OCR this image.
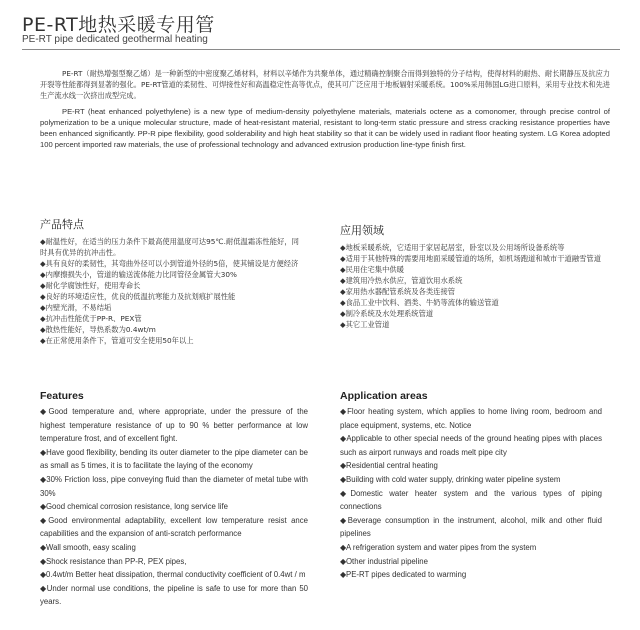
PE-RT地热采暖专用管
PE-RT pipe dedicated geothermal heating

PE-RT（耐热增强型聚乙烯）是一种新型的中密度聚乙烯材料，材料以辛烯作为共聚单体，通过精确控制聚合而得到独特的分子结构，使得材料的耐热、耐长期静压及抗应力开裂等性能都得到显著的强化。PE-RT管道的柔韧性、可焊接性好和高温稳定性高等优点，使其可广泛应用于地板辐射采暖系统。100%采用韩国LG进口原料，采用专业技术和先进生产流水线一次挤出成型完成。

PE-RT (heat enhanced polyethylene) is a new type of medium-density polyethylene materials, materials octene as a comonomer, through precise control of polymerization to be a unique molecular structure, made of heat-resistant material, resistant to long-term static pressure and stress cracking resistance properties have been enhanced significantly. PP-R pipe flexibility, good solderability and high heat stability so that it can be widely used in radiant floor heating system. LG Korea adopted 100 percent imported raw materials, the use of professional technology and advanced extrusion production line-type finish first.

产品特点
◆耐温性好，在适当的压力条件下最高使用温度可达95℃.耐低温霜冻性能好，同时具有优异的抗冲击性。
◆具有良好的柔韧性，其弯曲外径可以小到管道外径的5倍，使其铺设是方便经济
◆内摩擦损失小，管道的输送流体能力比同管径金属管大30%
◆耐化学腐蚀性好，使用寿命长
◆良好的环境适应性，优良的低温抗寒能力及抗划痕扩展性能
◆内壁光滑，不易结垢
◆抗冲击性能优于PP-R、PEX管
◆散热性能好，导热系数为0.4wt/m
◆在正常使用条件下，管道可安全使用50年以上
应用领域
◆地板采暖系统，它适用于家居起居室，卧室以及公用场所设备系统等
◆适用于其他特殊的需要用地面采暖管道的场所，如机场跑道和城市干道融雪管道
◆民用住宅集中供暖
◆建筑用冷热水供应，管道饮用水系统
◆家用热水器配管系统及各类连接管
◆食品工业中饮料、酒类、牛奶等流体的输送管道
◆制冷系统及水处理系统管道
◆其它工业管道
Features
◆Good temperature and, where appropriate, under the pressure of the highest temperature resistance of up to 90 % better performance at low temperature frost, and of excellent fight.
◆Have good flexibility, bending its outer diameter to the pipe diameter can be as small as 5 times, it is to facilitate the laying of the economy
◆30% Friction loss, pipe conveying fluid than the diameter of metal tube with 30%
◆Good chemical corrosion resistance, long service life
◆Good environmental adaptability, excellent low temperature resist ance capabilities and the expansion of anti-scratch performance
◆Wall smooth, easy scaling
◆Shock resistance than PP-R, PEX pipes,
◆0.4wt/m Better heat dissipation, thermal conductivity coefficient of 0.4wt / m
◆Under normal use conditions, the pipeline is safe to use for more than 50 years.
Application areas
◆Floor heating system, which applies to home living room, bedroom and place equipment, systems, etc. Notice
◆Applicable to other special needs of the ground heating pipes with places such as airport runways and roads melt pipe city
◆Residential central heating
◆Building with cold water supply, drinking water pipeline system
◆Domestic water heater system and the various types of piping connections
◆Beverage consumption in the instrument, alcohol, milk and other fluid pipelines
◆A refrigeration system and water pipes from the system
◆Other industrial pipeline
◆PE-RT pipes dedicated to warming
